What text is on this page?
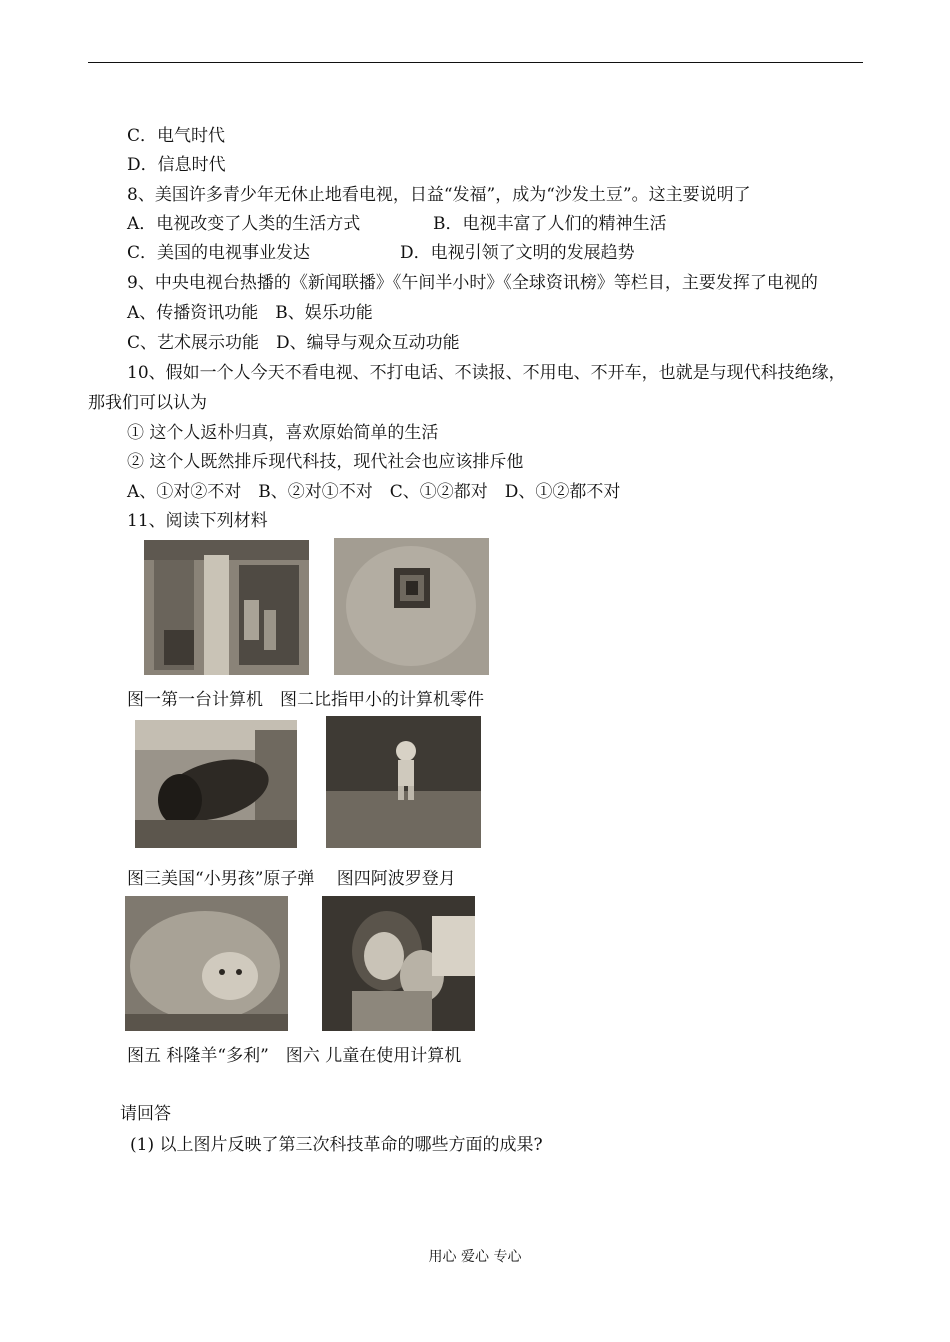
C．电气时代
D．信息时代
8、美国许多青少年无休止地看电视，日益“发福”，成为“沙发土豆”。这主要说明了
A．电视改变了人类的生活方式	B．电视丰富了人们的精神生活
C．美国的电视事业发达	D．电视引领了文明的发展趋势
9、中央电视台热播的《新闻联播》《午间半小时》《全球资讯榜》等栏目，主要发挥了电视的
A、传播资讯功能　B、娱乐功能
C、艺术展示功能　D、编导与观众互动功能
10、假如一个人今天不看电视、不打电话、不读报、不用电、不开车，也就是与现代科技绝缘，
那我们可以认为
① 这个人返朴归真，喜欢原始简单的生活
② 这个人既然排斥现代科技，现代社会也应该排斥他
A、①对②不对　B、②对①不对　C、①②都对　D、①②都不对
11、阅读下列材料
图一第一台计算机　图二比指甲小的计算机零件
图三美国“小男孩”原子弹　 图四阿波罗登月
图五 科隆羊“多利”　图六 儿童在使用计算机
请回答
(1) 以上图片反映了第三次科技革命的哪些方面的成果?
用心 爱心 专心
